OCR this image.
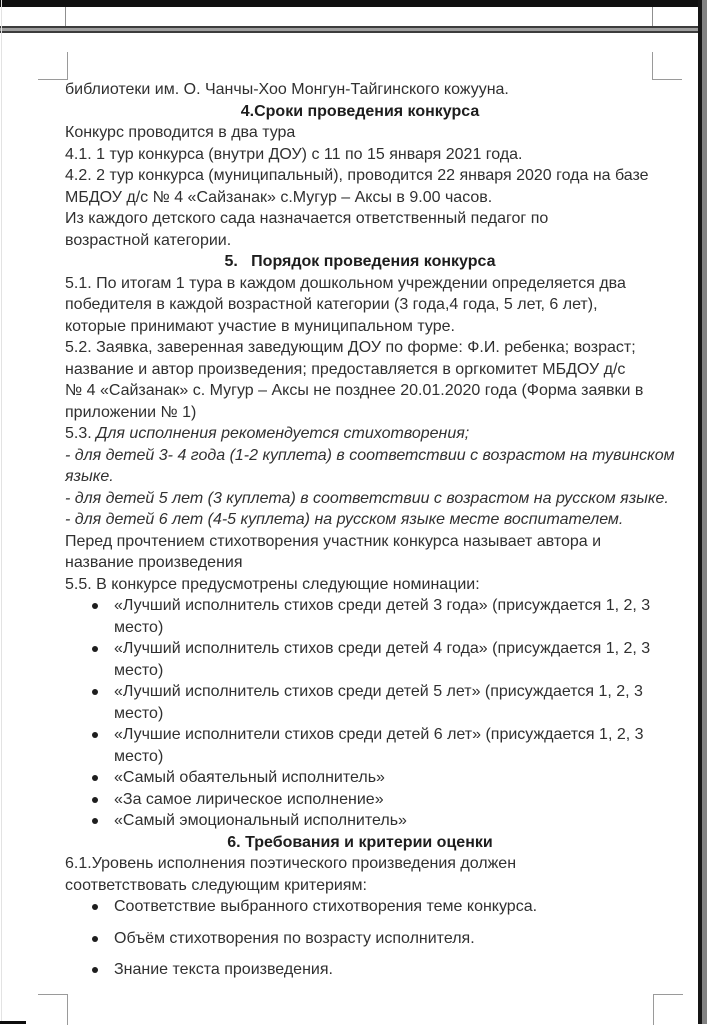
библиотеки им. О. Чанчы-Хоо Монгун-Тайгинского кожууна.
4.Сроки проведения конкурса
Конкурс проводится в два тура
4.1. 1 тур конкурса (внутри ДОУ) с 11 по 15 января 2021 года.
4.2. 2 тур конкурса (муниципальный), проводится 22 января 2020 года на базе
МБДОУ д/с № 4 «Сайзанак» с.Мугур – Аксы в 9.00 часов.
Из каждого детского сада назначается ответственный педагог по
возрастной категории.
5.   Порядок проведения конкурса
5.1. По итогам 1 тура в каждом дошкольном учреждении определяется два
победителя в каждой возрастной категории (3 года,4 года, 5 лет, 6 лет),
которые принимают участие в муниципальном туре.
5.2. Заявка, заверенная заведующим ДОУ по форме: Ф.И. ребенка; возраст;
название и автор произведения; предоставляется в оргкомитет МБДОУ д/с
№ 4 «Сайзанак» с. Мугур – Аксы не позднее 20.01.2020 года (Форма заявки в
приложении № 1)
5.3. Для исполнения рекомендуется стихотворения;
- для детей 3- 4 года (1-2 куплета) в соответствии с возрастом на тувинском
языке.
- для детей 5 лет (3 куплета) в соответствии с возрастом на русском языке.
- для детей 6 лет (4-5 куплета) на русском языке месте воспитателем.
Перед прочтением стихотворения участник конкурса называет автора и
название произведения
5.5. В конкурсе предусмотрены следующие номинации:
«Лучший исполнитель стихов среди детей 3 года» (присуждается 1, 2, 3
место)
«Лучший исполнитель стихов среди детей 4 года» (присуждается 1, 2, 3
место)
«Лучший исполнитель стихов среди детей 5 лет» (присуждается 1, 2, 3
место)
«Лучшие исполнители стихов среди детей 6 лет» (присуждается 1, 2, 3
место)
«Самый обаятельный исполнитель»
«За самое лирическое исполнение»
«Самый эмоциональный исполнитель»
6. Требования и критерии оценки
6.1.Уровень исполнения поэтического произведения должен
соответствовать следующим критериям:
Соответствие выбранного стихотворения теме конкурса.
Объём стихотворения по возрасту исполнителя.
Знание текста произведения.
